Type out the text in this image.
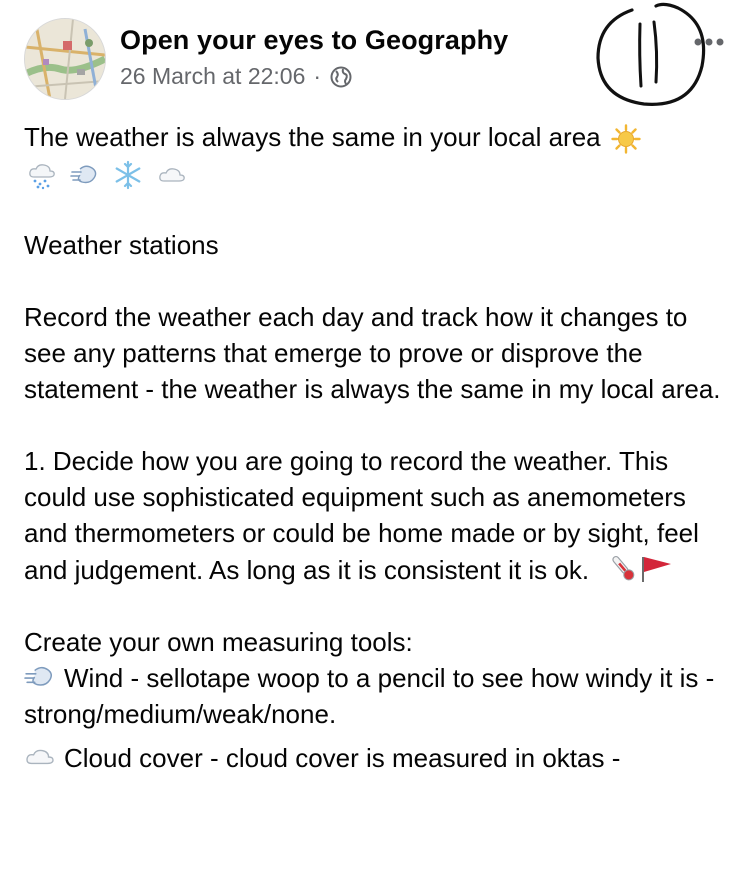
Open your eyes to Geography
26 March at 22:06 ·

The weather is always the same in your local area

Weather stations

Record the weather each day and track how it changes to see any patterns that emerge to prove or disprove the statement - the weather is always the same in my local area.

1. Decide how you are going to record the weather. This could use sophisticated equipment such as anemometers and thermometers or could be home made or by sight, feel and judgement. As long as it is consistent it is ok.

Create your own measuring tools:

Wind - sellotape woop to a pencil to see how windy it is - strong/medium/weak/none.

Cloud cover - cloud cover is measured in oktas -
